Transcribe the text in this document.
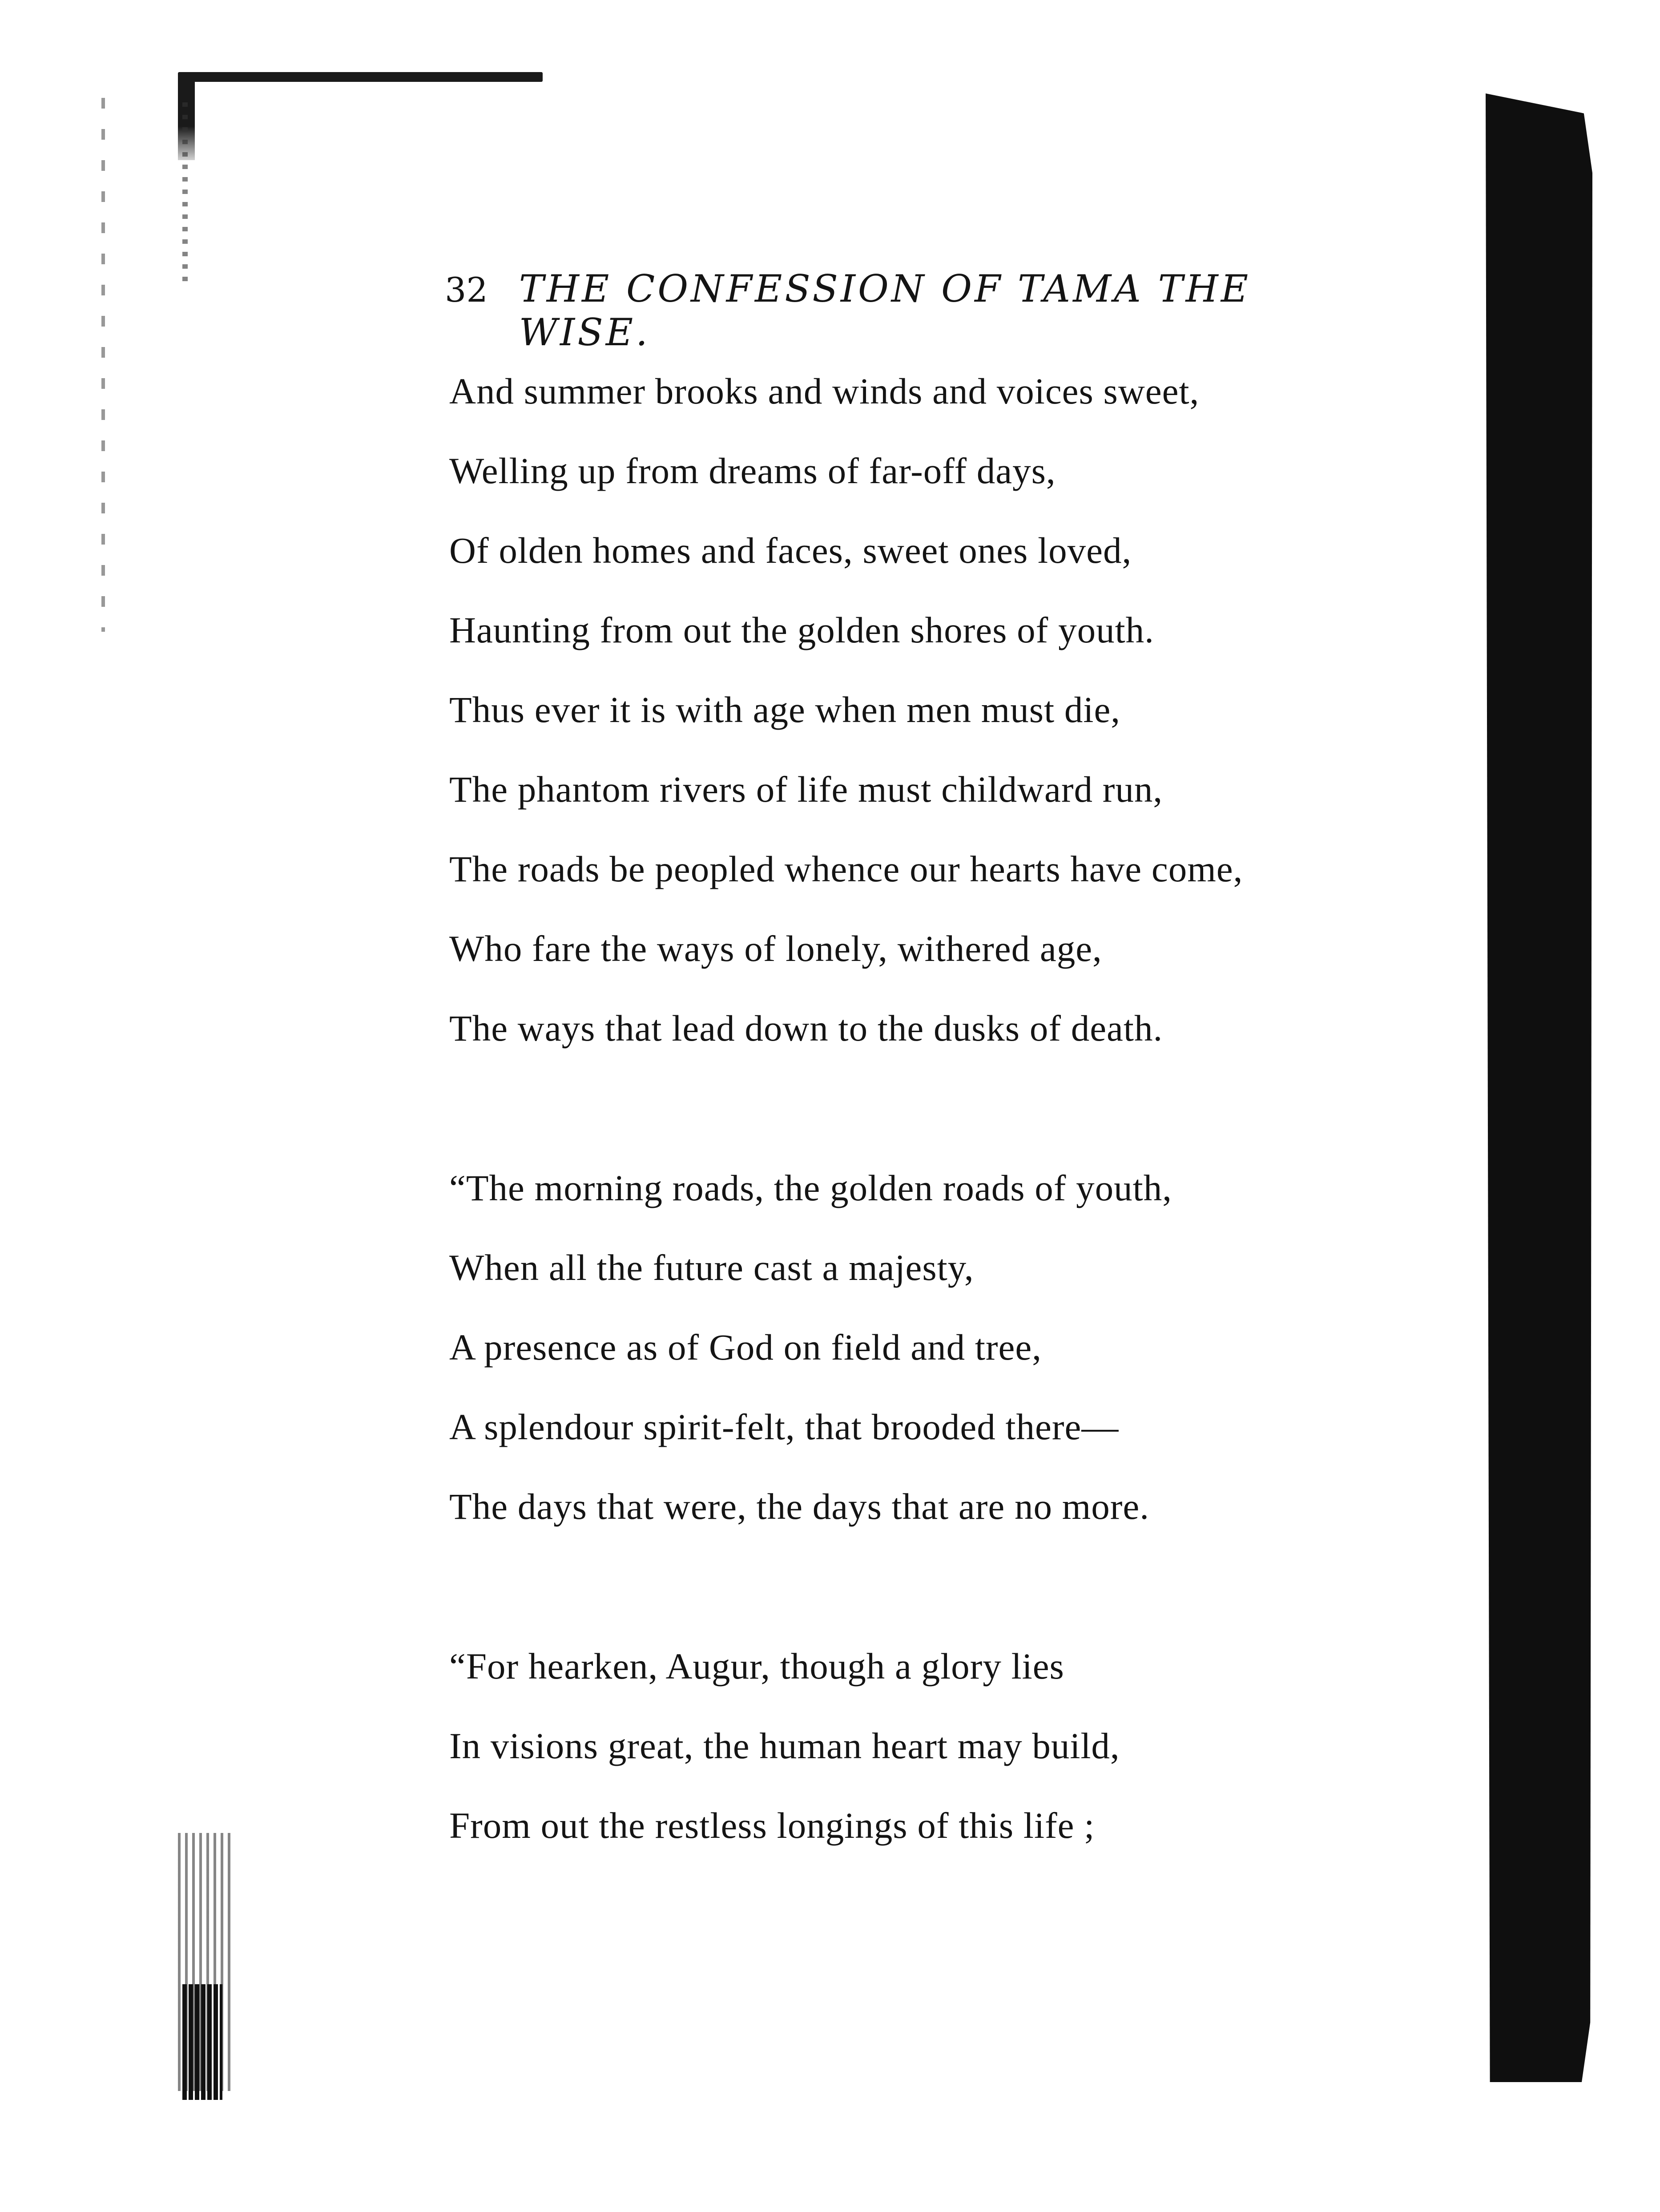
32 THE CONFESSION OF TAMA THE WISE.
And summer brooks and winds and voices sweet,
Welling up from dreams of far-off days,
Of olden homes and faces, sweet ones loved,
Haunting from out the golden shores of youth.
Thus ever it is with age when men must die,
The phantom rivers of life must childward run,
The roads be peopled whence our hearts have come,
Who fare the ways of lonely, withered age,
The ways that lead down to the dusks of death.
“The morning roads, the golden roads of youth,
When all the future cast a majesty,
A presence as of God on field and tree,
A splendour spirit-felt, that brooded there—
The days that were, the days that are no more.
“For hearken, Augur, though a glory lies
In visions great, the human heart may build,
From out the restless longings of this life ;
